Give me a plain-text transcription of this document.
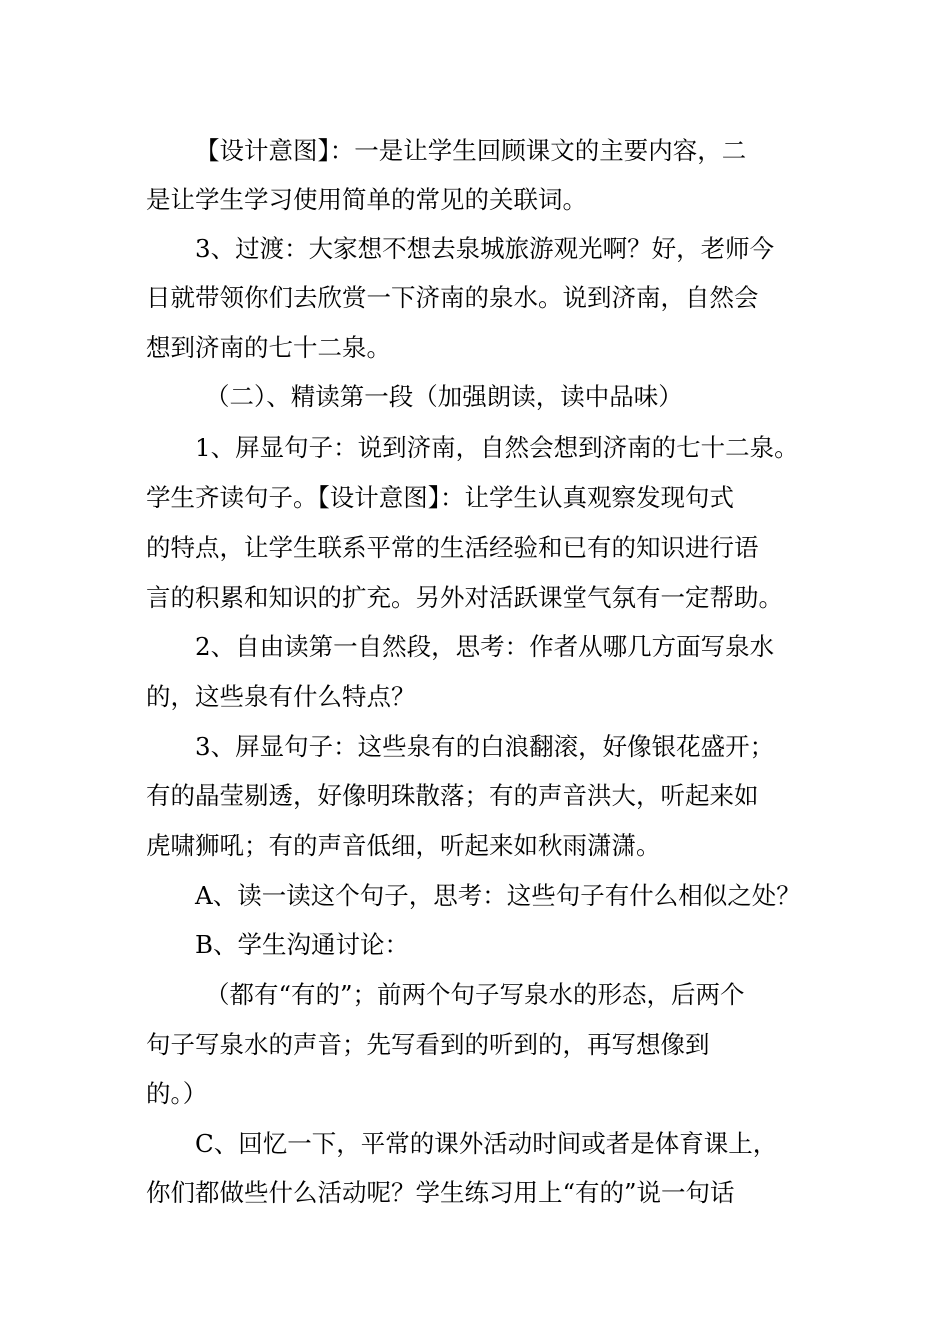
【设计意图】：一是让学生回顾课文的主要内容，二
是让学生学习使用简单的常见的关联词。
3、过渡：大家想不想去泉城旅游观光啊？好，老师今
日就带领你们去欣赏一下济南的泉水。说到济南，自然会
想到济南的七十二泉。
（二）、精读第一段（加强朗读，读中品味）
1、屏显句子：说到济南，自然会想到济南的七十二泉。
学生齐读句子。【设计意图】：让学生认真观察发现句式
的特点，让学生联系平常的生活经验和已有的知识进行语
言的积累和知识的扩充。另外对活跃课堂气氛有一定帮助。
2、自由读第一自然段，思考：作者从哪几方面写泉水
的，这些泉有什么特点？
3、屏显句子：这些泉有的白浪翻滚，好像银花盛开；
有的晶莹剔透，好像明珠散落；有的声音洪大，听起来如
虎啸狮吼；有的声音低细，听起来如秋雨潇潇。
A、读一读这个句子，思考：这些句子有什么相似之处？
B、学生沟通讨论：
（都有“有的”；前两个句子写泉水的形态，后两个
句子写泉水的声音；先写看到的听到的，再写想像到
的。）
C、回忆一下，平常的课外活动时间或者是体育课上，
你们都做些什么活动呢？学生练习用上“有的”说一句话
